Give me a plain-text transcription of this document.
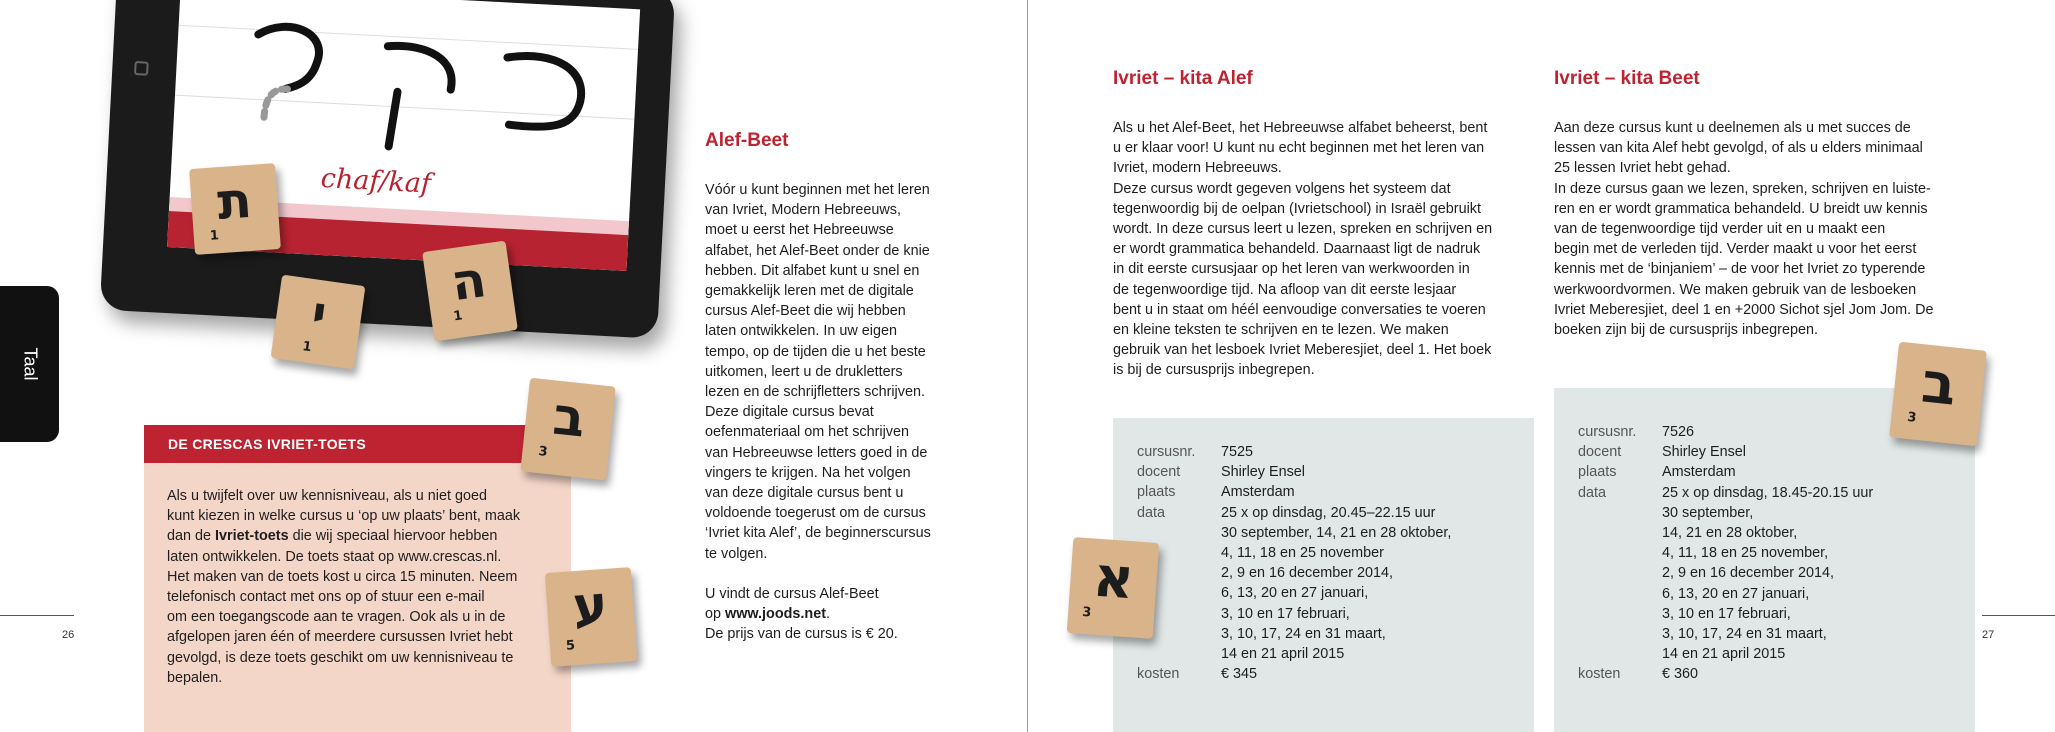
Taal
26
chaf/kaf
ת
1
י
1
ה
1
DE CRESCAS IVRIET-TOETS
Als u twijfelt over uw kennisniveau, als u niet goed
kunt kiezen in welke cursus u ‘op uw plaats’ bent, maak
dan de Ivriet-toets die wij speciaal hiervoor hebben
laten ontwikkelen. De toets staat op www.crescas.nl.
Het maken van de toets kost u circa 15 minuten. Neem
telefonisch contact met ons op of stuur een e-mail
om een toegangscode aan te vragen. Ook als u in de
afgelopen jaren één of meerdere cursussen Ivriet hebt
gevolgd, is deze toets geschikt om uw kennisniveau te
bepalen.
ב
3
ע
5
Alef-Beet

Vóór u kunt beginnen met het leren

van Ivriet, Modern Hebreeuws,

moet u eerst het Hebreeuwse

alfabet, het Alef-Beet onder de knie

hebben. Dit alfabet kunt u snel en

gemakkelijk leren met de digitale

cursus Alef-Beet die wij hebben

laten ontwikkelen. In uw eigen

tempo, op de tijden die u het beste

uitkomen, leert u de drukletters

lezen en de schrijfletters schrijven.

Deze digitale cursus bevat

oefenmateriaal om het schrijven

van Hebreeuwse letters goed in de

vingers te krijgen. Na het volgen

van deze digitale cursus bent u

voldoende toegerust om de cursus

‘Ivriet kita Alef’, de beginnerscursus

te volgen.

U vindt de cursus Alef-Beet

op www.joods.net.

De prijs van de cursus is € 20.	27
Ivriet – kita Alef

Als u het Alef-Beet, het Hebreeuwse alfabet beheerst, bent

u er klaar voor! U kunt nu echt beginnen met het leren van

Ivriet, modern Hebreeuws.

Deze cursus wordt gegeven volgens het systeem dat

tegenwoordig bij de oelpan (Ivrietschool) in Israël gebruikt

wordt. In deze cursus leert u lezen, spreken en schrijven en

er wordt grammatica behandeld. Daarnaast ligt de nadruk

in dit eerste cursusjaar op het leren van werkwoorden in

de tegenwoordige tijd. Na afloop van dit eerste lesjaar

bent u in staat om héél eenvoudige conversaties te voeren

en kleine teksten te schrijven en te lezen. We maken

gebruik van het lesboek Ivriet Meberesjiet, deel 1. Het boek

is bij de cursusprijs inbegrepen.

cursusnr.	7525
docent	Shirley Ensel
plaats	Amsterdam
data	25 x op dinsdag, 20.45–22.15 uur
30 september, 14, 21 en 28 oktober,
4, 11, 18 en 25 november
2, 9 en 16 december 2014,
6, 13, 20 en 27 januari,
3, 10 en 17 februari,
3, 10, 17, 24 en 31 maart,
14 en 21 april 2015
kosten	€ 345
א
3
Ivriet – kita Beet

Aan deze cursus kunt u deelnemen als u met succes de

lessen van kita Alef hebt gevolgd, of als u elders minimaal

25 lessen Ivriet hebt gehad.

In deze cursus gaan we lezen, spreken, schrijven en luiste-

ren en er wordt grammatica behandeld. U breidt uw kennis

van de tegenwoordige tijd verder uit en u maakt een

begin met de verleden tijd. Verder maakt u voor het eerst

kennis met de ‘binjaniem’ – de voor het Ivriet zo typerende

werkwoordvormen. We maken gebruik van de lesboeken

Ivriet Meberesjiet, deel 1 en +2000 Sichot sjel Jom Jom. De

boeken zijn bij de cursusprijs inbegrepen.

cursusnr.	7526
docent	Shirley Ensel
plaats	Amsterdam
data	25 x op dinsdag, 18.45-20.15 uur
30 september,
14, 21 en 28 oktober,
4, 11, 18 en 25 november,
2, 9 en 16 december 2014,
6, 13, 20 en 27 januari,
3, 10 en 17 februari,
3, 10, 17, 24 en 31 maart,
14 en 21 april 2015
kosten	€ 360
ב
3
